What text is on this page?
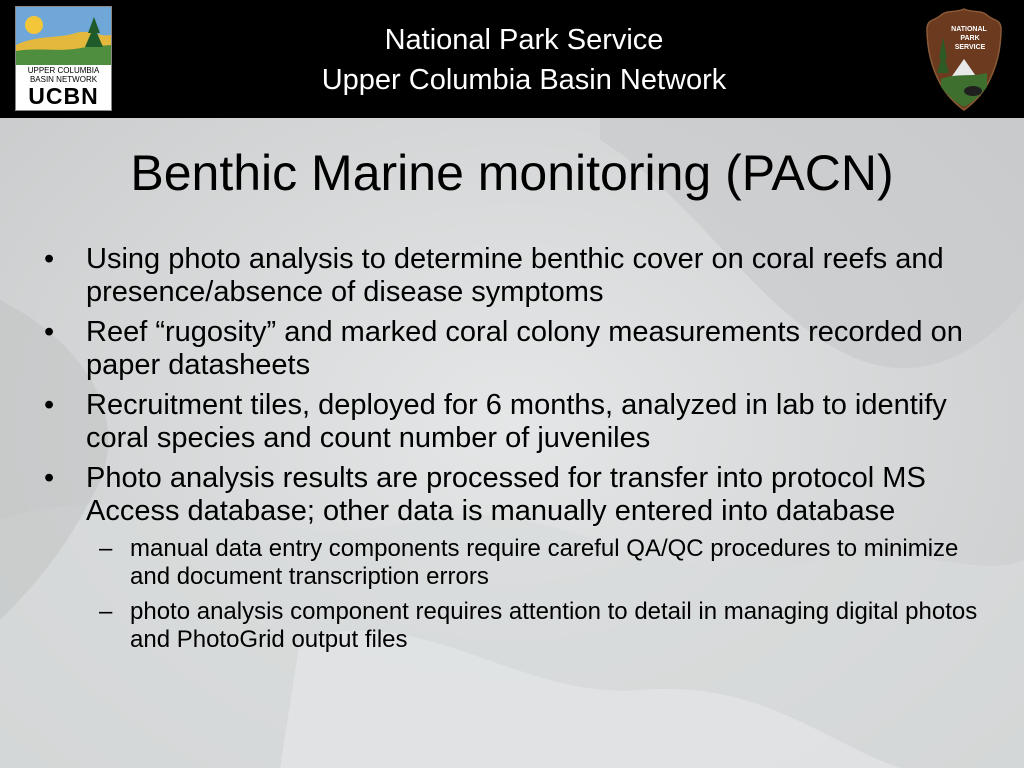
UPPER COLUMBIA
BASIN NETWORK
UCBN
National Park Service
Upper Columbia Basin Network
NATIONAL
PARK
SERVICE
Benthic Marine monitoring (PACN)
• Using photo analysis to determine benthic cover on coral reefs and presence/absence of disease symptoms
• Reef “rugosity” and marked coral colony measurements recorded on paper datasheets
• Recruitment tiles, deployed for 6 months, analyzed in lab to identify coral species and count number of juveniles
• Photo analysis results are processed for transfer into protocol MS Access database; other data is manually entered into database
– manual data entry components require careful QA/QC procedures to minimize and document transcription errors
– photo analysis component requires attention to detail in managing digital photos and PhotoGrid output files
